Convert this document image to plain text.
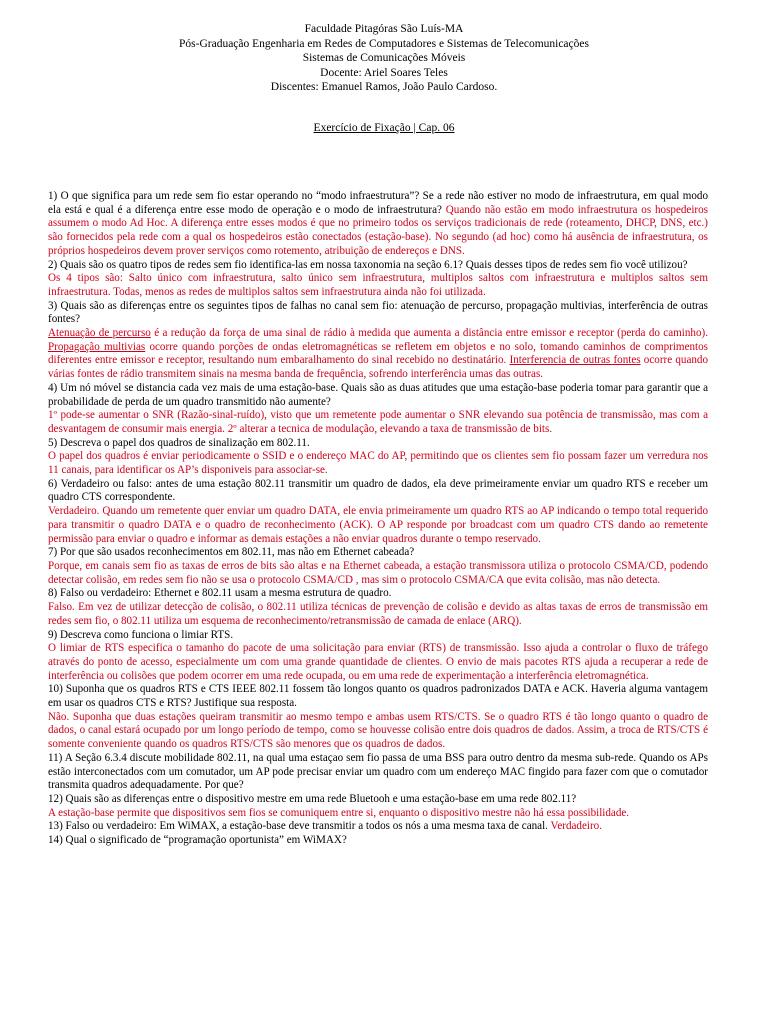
Faculdade Pitagóras São Luís-MA
Pós-Graduação Engenharia em Redes de Computadores e Sistemas de Telecomunicações
Sistemas de Comunicações Móveis
Docente: Ariel Soares Teles
Discentes: Emanuel Ramos, João Paulo Cardoso.
Exercício de Fixação | Cap. 06

1) O que significa para um rede sem fio estar operando no “modo infraestrutura”? Se a rede não estiver no modo de infraestrutura, em qual modo ela está e qual é a diferença entre esse modo de operação e o modo de infraestrutura? Quando não estão em modo infraestrutura os hospedeiros assumem o modo Ad Hoc. A diferença entre esses modos é que no primeiro todos os serviços tradicionais de rede (roteamento, DHCP, DNS, etc.) são fornecidos pela rede com a qual os hospedeiros estão conectados (estação-base). No segundo (ad hoc) como há ausência de infraestrutura, os próprios hospedeiros devem prover serviços como rotemento, atribuição de endereços e DNS.

2) Quais são os quatro tipos de redes sem fio identifica-las em nossa taxonomia na seção 6.1? Quais desses tipos de redes sem fio você utilizou?

Os 4 tipos são: Salto único com infraestrutura, salto único sem infraestrutura, multiplos saltos com infraestrutura e multiplos saltos sem infraestrutura. Todas, menos as redes de multiplos saltos sem infraestrutura ainda não foi utilizada.

3) Quais são as diferenças entre os seguintes tipos de falhas no canal sem fio: atenuação de percurso, propagação multivias, interferência de outras fontes?

Atenuação de percurso é a redução da força de uma sinal de rádio à medida que aumenta a distância entre emissor e receptor (perda do caminho). Propagação multivias ocorre quando porções de ondas eletromagnéticas se refletem em objetos e no solo, tomando caminhos de comprimentos diferentes entre emissor e receptor, resultando num embaralhamento do sinal recebido no destinatário. Interferencia de outras fontes ocorre quando várias fontes de rádio transmitem sinais na mesma banda de frequência, sofrendo interferência umas das outras.

4) Um nó móvel se distancia cada vez mais de uma estação-base. Quais são as duas atitudes que uma estação-base poderia tomar para garantir que a probabilidade de perda de um quadro transmitido não aumente?

1º pode-se aumentar o SNR (Razão-sinal-ruído), visto que um remetente pode aumentar o SNR elevando sua potência de transmissão, mas com a desvantagem de consumir mais energia. 2º alterar a tecnica de modulação, elevando a taxa de transmissão de bits.

5) Descreva o papel dos quadros de sinalização em 802.11.

O papel dos quadros é enviar periodicamente o SSID e o endereço MAC do AP, permitindo que os clientes sem fio possam fazer um verredura nos 11 canais, para identificar os AP’s disponiveis para associar-se.

6) Verdadeiro ou falso: antes de uma estação 802.11 transmitir um quadro de dados, ela deve primeiramente enviar um quadro RTS e receber um quadro CTS correspondente.

Verdadeiro. Quando um remetente quer enviar um quadro DATA, ele envia primeiramente um quadro RTS ao AP indicando o tempo total requerido para transmitir o quadro DATA e o quadro de reconhecimento (ACK). O AP responde por broadcast com um quadro CTS dando ao remetente permissão para enviar o quadro e informar as demais estações a não enviar quadros durante o tempo reservado.

7) Por que são usados reconhecimentos em 802.11, mas não em Ethernet cabeada?

Porque, em canais sem fio as taxas de erros de bits são altas e na Ethernet cabeada, a estação transmissora utiliza o protocolo CSMA/CD, podendo detectar colisão, em redes sem fio não se usa o protocolo CSMA/CD , mas sim o protocolo CSMA/CA que evita colisão, mas não detecta.

8) Falso ou verdadeiro: Ethernet e 802.11 usam a mesma estrutura de quadro.

Falso. Em vez de utilizar detecção de colisão, o 802.11 utiliza técnicas de prevenção de colisão e devido as altas taxas de erros de transmissão em redes sem fio, o 802.11 utiliza um esquema de reconhecimento/retransmissão de camada de enlace (ARQ).

9) Descreva como funciona o limiar RTS.

O limiar de RTS especifica o tamanho do pacote de uma solicitação para enviar (RTS) de transmissão. Isso ajuda a controlar o fluxo de tráfego através do ponto de acesso, especialmente um com uma grande quantidade de clientes. O envio de mais pacotes RTS ajuda a recuperar a rede de interferência ou colisões que podem ocorrer em uma rede ocupada, ou em uma rede de experimentação a interferência eletromagnética.

10) Suponha que os quadros RTS e CTS IEEE 802.11 fossem tão longos quanto os quadros padronizados DATA e ACK. Haveria alguma vantagem em usar os quadros CTS e RTS? Justifique sua resposta.

Não. Suponha que duas estações queiram transmitir ao mesmo tempo e ambas usem RTS/CTS. Se o quadro RTS é tão longo quanto o quadro de dados, o canal estará ocupado por um longo período de tempo, como se houvesse colisão entre dois quadros de dados. Assim, a troca de RTS/CTS é somente conveniente quando os quadros RTS/CTS são menores que os quadros de dados.

11) A Seção 6.3.4 discute mobilidade 802.11, na qual uma estaçao sem fio passa de uma BSS para outro dentro da mesma sub-rede. Quando os APs estão interconectados com um comutador, um AP pode precisar enviar um quadro com um endereço MAC fingido para fazer com que o comutador transmita quadros adequadamente. Por que?

12) Quais são as diferenças entre o dispositivo mestre em uma rede Bluetooh e uma estação-base em uma rede 802.11?

A estação-base permite que dispositivos sem fios se comuniquem entre si, enquanto o dispositivo mestre não há essa possibilidade.

13) Falso ou verdadeiro: Em WiMAX, a estação-base deve transmitir a todos os nós a uma mesma taxa de canal. Verdadeiro.

14) Qual o significado de “programação oportunista” em WiMAX?
